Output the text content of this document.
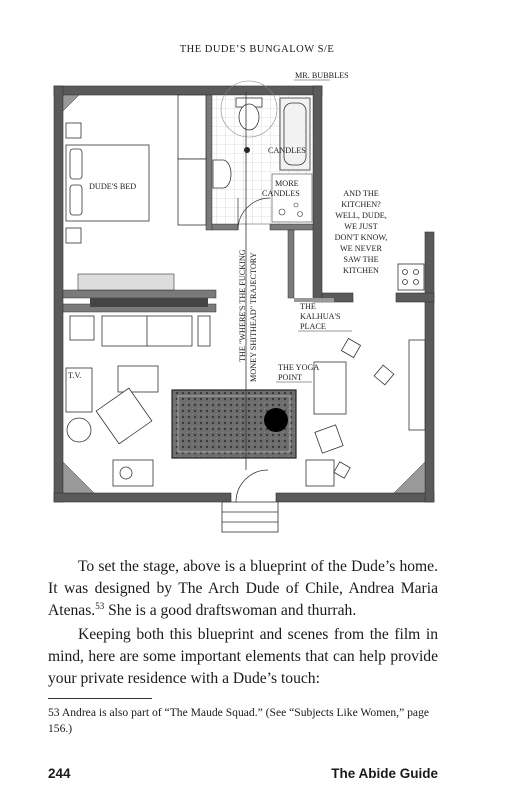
THE DUDE’S BUNGALOW S/E
MR. BUBBLES
CANDLES
MORE
CANDLES
DUDE'S BED
AND THE
KITCHEN?
WELL, DUDE,
WE JUST
DON'T KNOW,
WE NEVER
SAW THE
KITCHEN
THE
KALHUA'S
PLACE
THE YOGA
POINT
T.V.
THE "WHERE'S THE FUCKING MONEY SHITHEAD" TRAJECTORY

To set the stage, above is a blueprint of the Dude’s home. It was designed by The Arch Dude of Chile, Andrea Maria Atenas.$^{53}$ She is a good draftswoman and thurrah.

Keeping both this blueprint and scenes from the film in mind, here are some important elements that can help provide your private residence with a Dude’s touch:

53 Andrea is also part of “The Maude Squad.” (See “Subjects Like Women,” page 156.)

244	The Abide Guide
